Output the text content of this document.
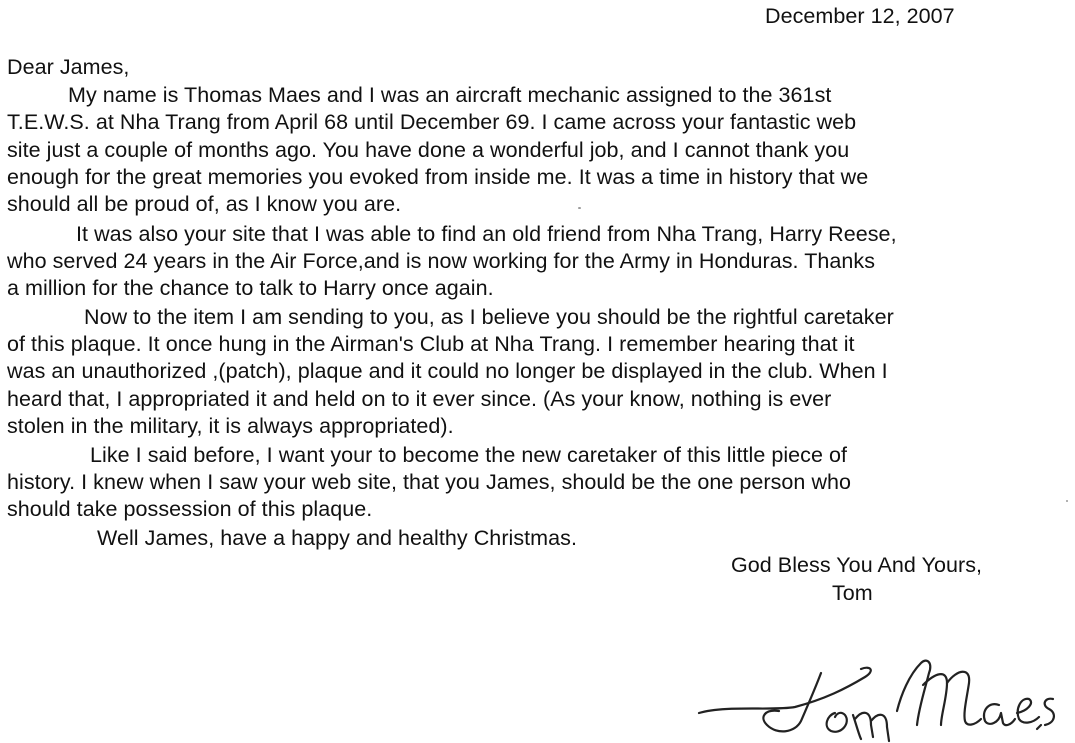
December 12, 2007
Dear James,
My name is Thomas Maes and I was an aircraft mechanic assigned to the 361st
T.E.W.S. at Nha Trang from April 68 until December 69. I came across your fantastic web
site just a couple of months ago. You have done a wonderful job, and I cannot thank you
enough for the great memories you evoked from inside me. It was a time in history that we
should all be proud of, as I know you are.
It was also your site that I was able to find an old friend from Nha Trang, Harry Reese,
who served 24 years in the Air Force,and is now working for the Army in Honduras. Thanks
a million for the chance to talk to Harry once again.
Now to the item I am sending to you, as I believe you should be the rightful caretaker
of this plaque. It once hung in the Airman's Club at Nha Trang. I remember hearing that it
was an unauthorized ,(patch), plaque and it could no longer be displayed in the club. When I
heard that, I appropriated it and held on to it ever since. (As your know, nothing is ever
stolen in the military, it is always appropriated).
Like I said before, I want your to become the new caretaker of this little piece of
history. I knew when I saw your web site, that you James, should be the one person who
should take possession of this plaque.
Well James, have a happy and healthy Christmas.
God Bless You And Yours,
Tom
